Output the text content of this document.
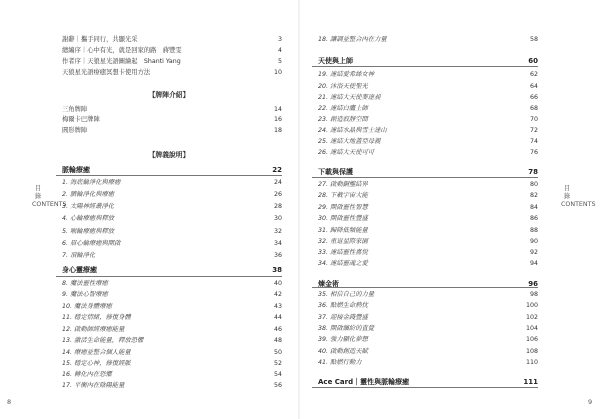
目錄 CONTENTS
目錄 CONTENTS
8	9
謝辭｜攜手同行，共顯光采	3
總編序｜心中有光，就是回家的路　蔣豐雯	4
作者序｜天狼星光語圖繪起　Shanti Yang	5
天狼星光語療癒冥想卡使用方法	10
【牌陣介紹】
三角牌陣	14
梅爾卡巴牌陣	16
圓形牌陣	18
【牌義說明】
脈輪療癒	22
1. 海底輪淨化與療癒	24
2. 臍輪淨化與療癒	26
3. 太陽神經叢淨化	28
4. 心輪療癒與釋放	30
5. 喉輪療癒與釋放	32
6. 眉心輪療癒與開啟	34
7. 頂輪淨化	36
身心靈療癒	38
8. 魔法靈性療癒	40
9. 魔法心智療癒	42
10. 魔法身體療癒	43
11. 穩定情緒，修復身體	44
12. 啟動師經療癒能量	46
13. 激活生命能量，釋放恐懼	48
14. 療癒並整合個人能量	50
15. 穩定心神，修復經脈	52
16. 轉化內在恐懼	54
17. 平衡內在陰陽能量	56
18. 讓調並整合內在力量	58
天使與上師	60
19. 連結愛希絲女神	62
20. 沐浴天使聖光	64
21. 連結大天使麥達昶	66
22. 連結白鷹上師	68
23. 創造寂靜空間	70
24. 連結水晶與雪士達山	72
25. 連結大地蓋亞母親	74
26. 連結大天使可可	76
下載與保護	78
27. 啟動銅壟結界	80
28. 下載宇宙大能	82
29. 開啟靈性智慧	84
30. 開啟靈性豐盛	86
31. 歸降低頻能量	88
32. 重返星際家園	90
33. 連結靈性喜悅	92
34. 連結靈魂之愛	94
煉金術	96
35. 相信自己的力量	98
36. 點燃生命熱忱	100
37. 迎接金錢豐盛	102
38. 開啟繽紛的直覺	104
39. 強力顯化夢想	106
40. 啟動創造天賦	108
41. 點燃行動力	110
Ace Card｜靈性與脈輪療癒	111
